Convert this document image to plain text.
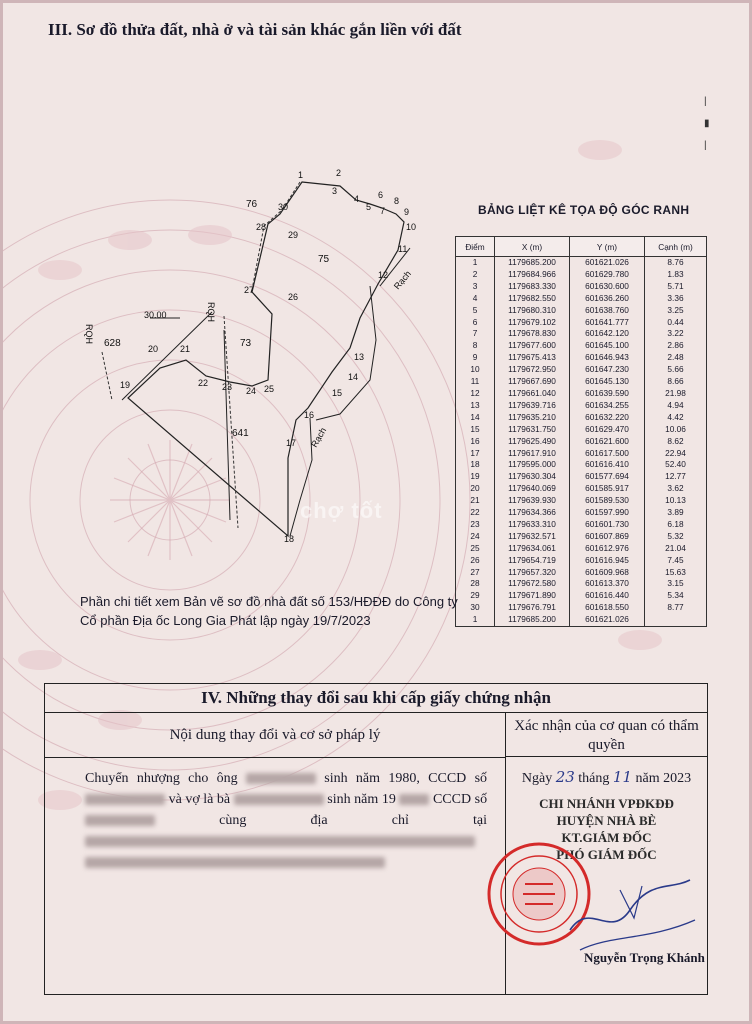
III. Sơ đồ thửa đất, nhà ở và tài sản khác gắn liền với đất
|

▮

|
1	2
3
4
5
6
7
8
9
10
11
12
13
14
15
16
17
18
19
20 21
22 23 24 25
26
27
28
29
30
76
75
73
641
628
Rạch
Rạch
RQH
RQH
30.00
chợ tốt
BẢNG LIỆT KÊ TỌA ĐỘ GÓC RANH
Điểm	X (m)	Y (m)	Cạnh (m)
1	1179685.200	601621.026	8.76
2	1179684.966	601629.780	1.83
3	1179683.330	601630.600	5.71
4	1179682.550	601636.260	3.36
5	1179680.310	601638.760	3.25
6	1179679.102	601641.777	0.44
7	1179678.830	601642.120	3.22
8	1179677.600	601645.100	2.86
9	1179675.413	601646.943	2.48
10	1179672.950	601647.230	5.66
11	1179667.690	601645.130	8.66
12	1179661.040	601639.590	21.98
13	1179639.716	601634.255	4.94
14	1179635.210	601632.220	4.42
15	1179631.750	601629.470	10.06
16	1179625.490	601621.600	8.62
17	1179617.910	601617.500	22.94
18	1179595.000	601616.410	52.40
19	1179630.304	601577.694	12.77
20	1179640.069	601585.917	3.62
21	1179639.930	601589.530	10.13
22	1179634.366	601597.990	3.89
23	1179633.310	601601.730	6.18
24	1179632.571	601607.869	5.32
25	1179634.061	601612.976	21.04
26	1179654.719	601616.945	7.45
27	1179657.320	601609.968	15.63
28	1179672.580	601613.370	3.15
29	1179671.890	601616.440	5.34
30	1179676.791	601618.550	8.77
1	1179685.200	601621.026	
Phần chi tiết xem Bản vẽ sơ đồ nhà đất số 153/HĐĐĐ do Công ty Cổ phần Địa ốc Long Gia Phát lập ngày 19/7/2023
IV. Những thay đổi sau khi cấp giấy chứng nhận
Nội dung thay đổi và cơ sở pháp lý
Chuyển nhượng cho ông	sinh năm 1980, CCCD số  và vợ là bà	sinh năm 19	CCCD số  cùng địa chỉ tại
Xác nhận của cơ quan có thẩm quyền
Ngày 23 tháng 11 năm 2023
CHI NHÁNH VPĐKĐĐ
HUYỆN NHÀ BÈ
KT.GIÁM ĐỐC
PHÓ GIÁM ĐỐC
Nguyễn Trọng Khánh
